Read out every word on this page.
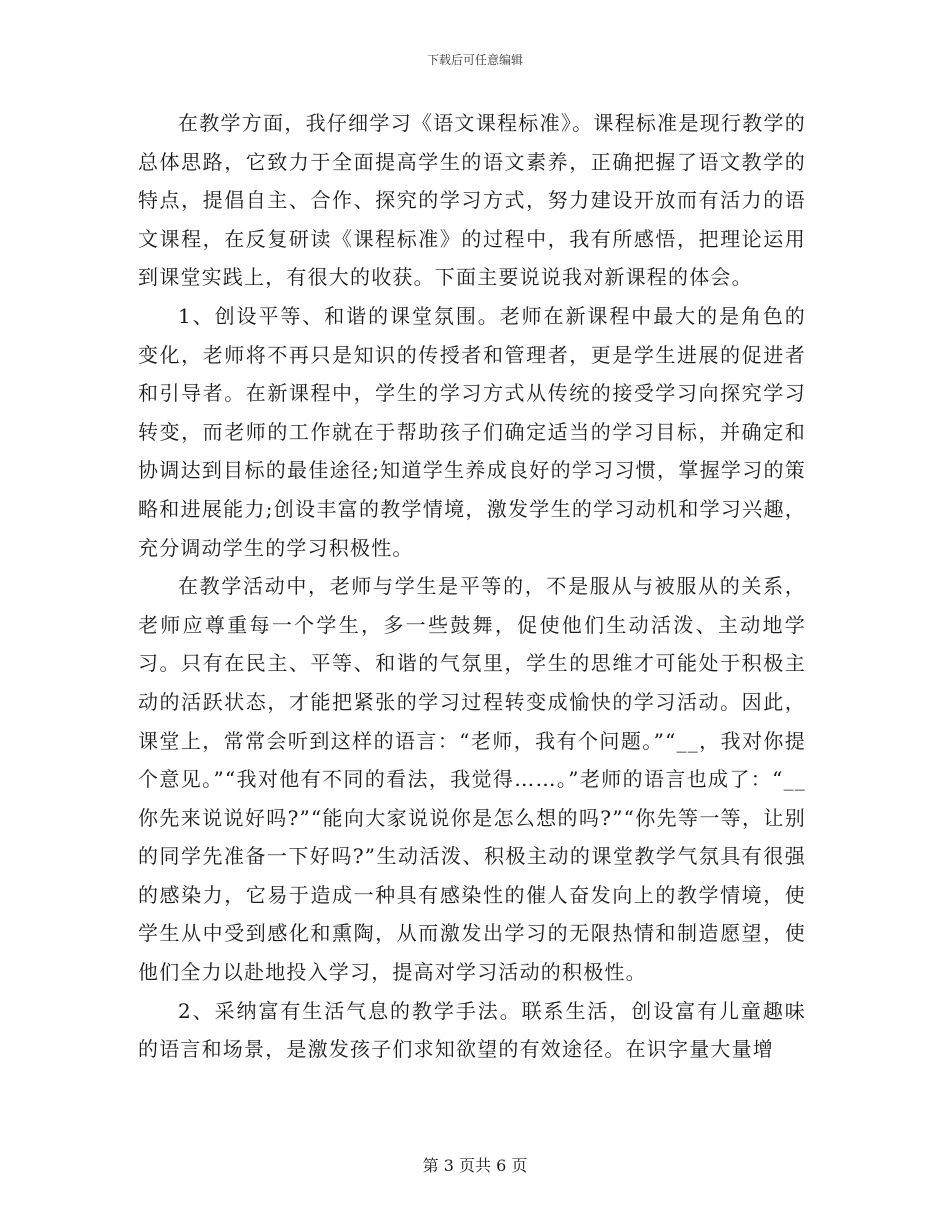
下载后可任意编辑

在教学方面，我仔细学习《语文课程标准》。课程标准是现行教学的总体思路，它致力于全面提高学生的语文素养，正确把握了语文教学的特点，提倡自主、合作、探究的学习方式，努力建设开放而有活力的语文课程，在反复研读《课程标准》的过程中，我有所感悟，把理论运用到课堂实践上，有很大的收获。下面主要说说我对新课程的体会。

1、创设平等、和谐的课堂氛围。老师在新课程中最大的是角色的变化，老师将不再只是知识的传授者和管理者，更是学生进展的促进者和引导者。在新课程中，学生的学习方式从传统的接受学习向探究学习转变，而老师的工作就在于帮助孩子们确定适当的学习目标，并确定和协调达到目标的最佳途径;知道学生养成良好的学习习惯，掌握学习的策略和进展能力;创设丰富的教学情境，激发学生的学习动机和学习兴趣，充分调动学生的学习积极性。

在教学活动中，老师与学生是平等的，不是服从与被服从的关系，老师应尊重每一个学生，多一些鼓舞，促使他们生动活泼、主动地学习。只有在民主、平等、和谐的气氛里，学生的思维才可能处于积极主动的活跃状态，才能把紧张的学习过程转变成愉快的学习活动。因此，课堂上，常常会听到这样的语言：“老师，我有个问题。”“__，我对你提个意见。”“我对他有不同的看法，我觉得……。”老师的语言也成了：“__你先来说说好吗?”“能向大家说说你是怎么想的吗?”“你先等一等，让别的同学先准备一下好吗?”生动活泼、积极主动的课堂教学气氛具有很强的感染力，它易于造成一种具有感染性的催人奋发向上的教学情境，使学生从中受到感化和熏陶，从而激发出学习的无限热情和制造愿望，使他们全力以赴地投入学习，提高对学习活动的积极性。

2、采纳富有生活气息的教学手法。联系生活，创设富有儿童趣味的语言和场景，是激发孩子们求知欲望的有效途径。在识字量大量增

第 3 页共 6 页
